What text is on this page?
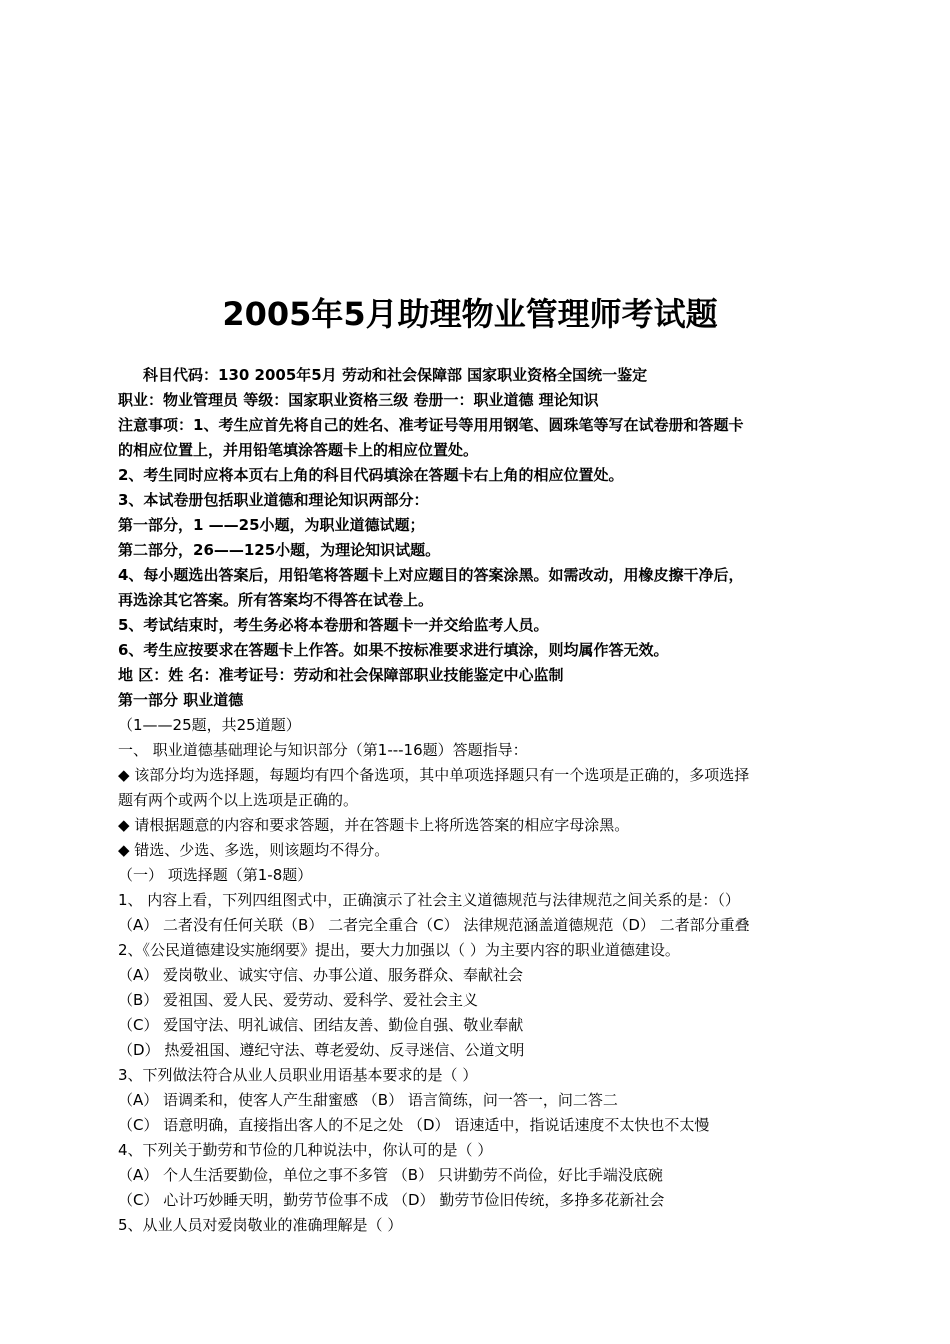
2005年5月助理物业管理师考试题
科目代码：130 2005年5月 劳动和社会保障部 国家职业资格全国统一鉴定
职业：物业管理员 等级：国家职业资格三级 卷册一：职业道德 理论知识
注意事项：1、考生应首先将自己的姓名、准考证号等用用钢笔、圆珠笔等写在试卷册和答题卡
的相应位置上，并用铅笔填涂答题卡上的相应位置处。
2、考生同时应将本页右上角的科目代码填涂在答题卡右上角的相应位置处。
3、本试卷册包括职业道德和理论知识两部分：
第一部分，1 ——25小题，为职业道德试题；
第二部分，26——125小题，为理论知识试题。
4、每小题选出答案后，用铅笔将答题卡上对应题目的答案涂黑。如需改动，用橡皮擦干净后，
再选涂其它答案。所有答案均不得答在试卷上。
5、考试结束时，考生务必将本卷册和答题卡一并交给监考人员。
6、考生应按要求在答题卡上作答。如果不按标准要求进行填涂，则均属作答无效。
地 区：姓 名：准考证号：劳动和社会保障部职业技能鉴定中心监制
第一部分 职业道德
（1——25题，共25道题）
一、 职业道德基础理论与知识部分（第1---16题）答题指导：
◆ 该部分均为选择题，每题均有四个备选项，其中单项选择题只有一个选项是正确的，多项选择
题有两个或两个以上选项是正确的。
◆ 请根据题意的内容和要求答题，并在答题卡上将所选答案的相应字母涂黑。
◆ 错选、少选、多选，则该题均不得分。
（一） 项选择题（第1-8题）
1、 内容上看，下列四组图式中，正确演示了社会主义道德规范与法律规范之间关系的是：（）
（A） 二者没有任何关联（B） 二者完全重合（C） 法律规范涵盖道德规范（D） 二者部分重叠
2、《公民道德建设实施纲要》提出，要大力加强以（ ）为主要内容的职业道德建设。
（A） 爱岗敬业、诚实守信、办事公道、服务群众、奉献社会
（B） 爱祖国、爱人民、爱劳动、爱科学、爱社会主义
（C） 爱国守法、明礼诚信、团结友善、勤俭自强、敬业奉献
（D） 热爱祖国、遵纪守法、尊老爱幼、反寻迷信、公道文明
3、下列做法符合从业人员职业用语基本要求的是（ ）
（A） 语调柔和，使客人产生甜蜜感 （B） 语言简练，问一答一，问二答二
（C） 语意明确，直接指出客人的不足之处 （D） 语速适中，指说话速度不太快也不太慢
4、下列关于勤劳和节俭的几种说法中，你认可的是（ ）
（A） 个人生活要勤俭，单位之事不多管 （B） 只讲勤劳不尚俭，好比手端没底碗
（C） 心计巧妙睡天明，勤劳节俭事不成 （D） 勤劳节俭旧传统，多挣多花新社会
5、从业人员对爱岗敬业的准确理解是（ ）
